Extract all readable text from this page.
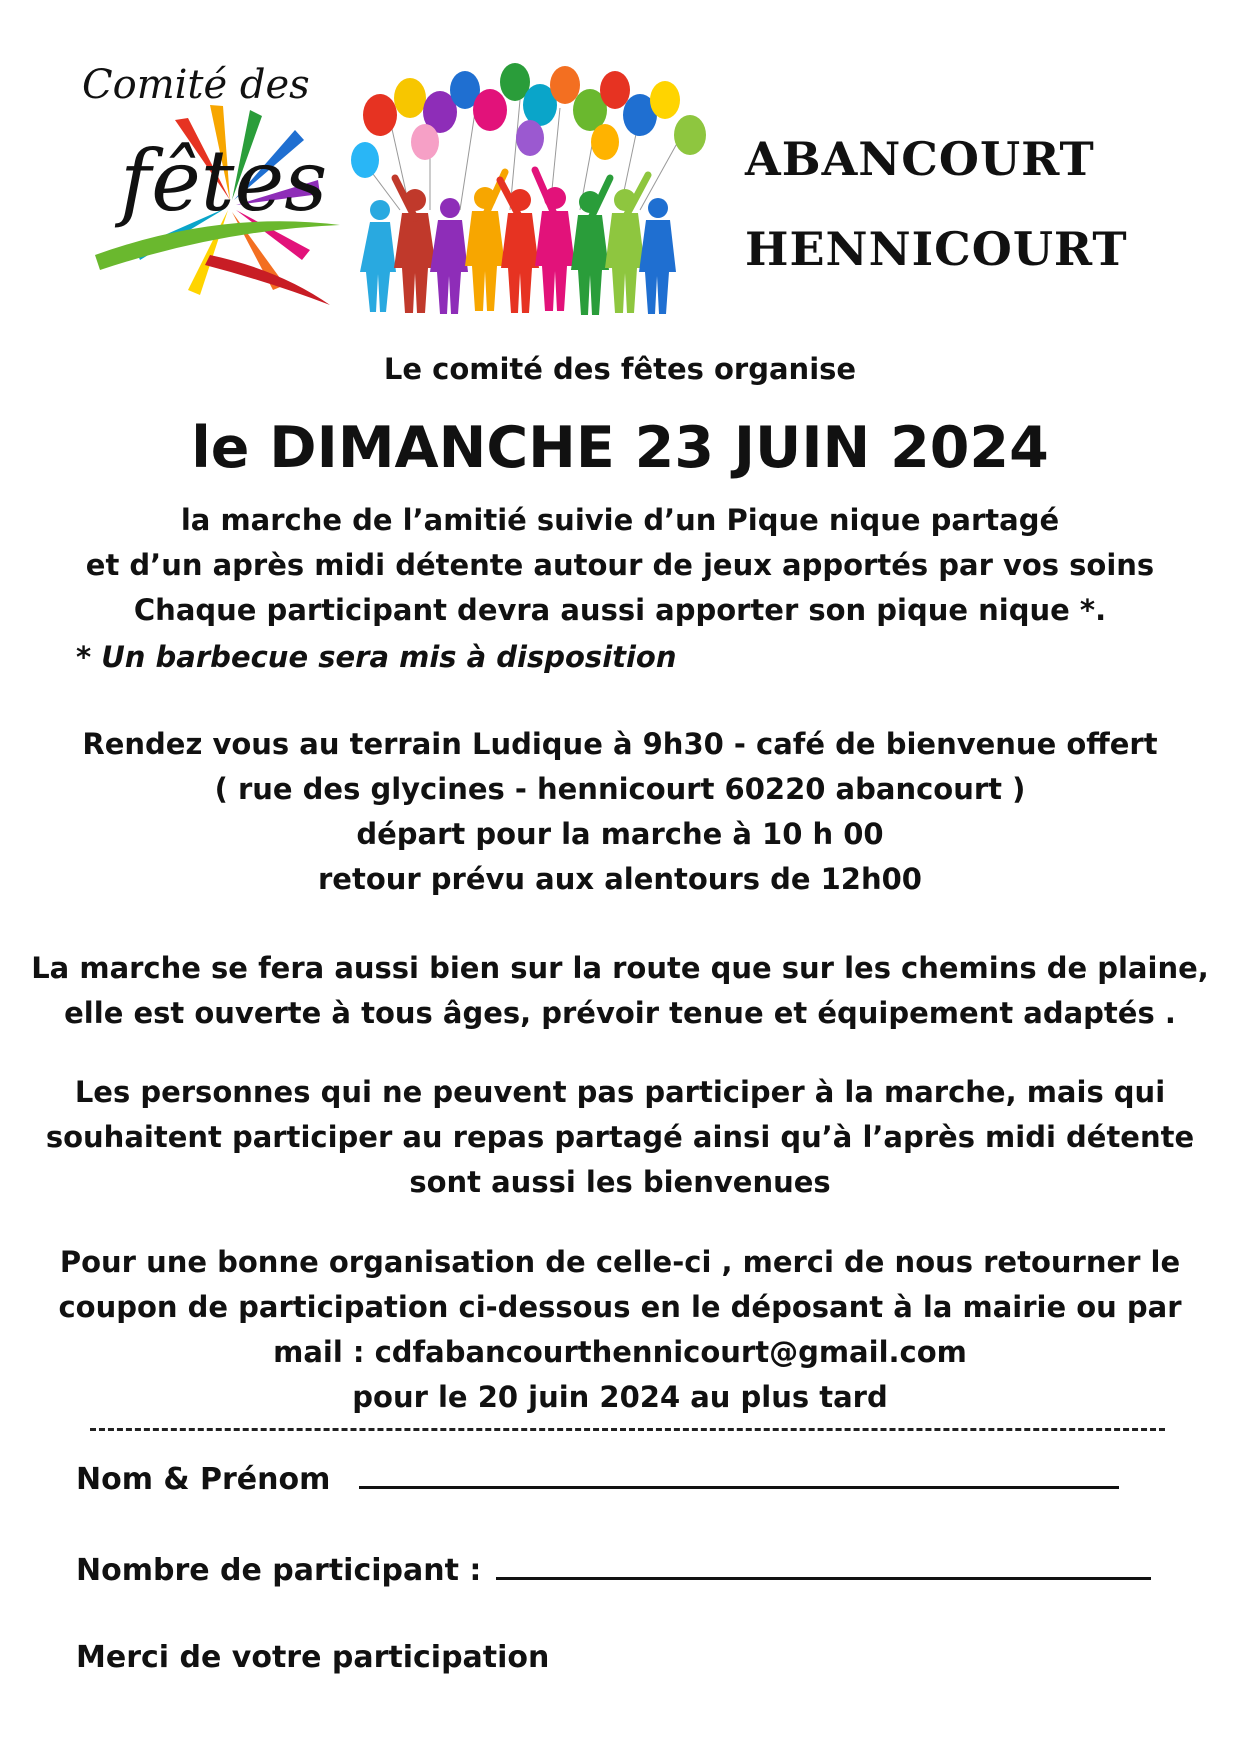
Comité des
fêtes	ABANCOURT
HENNICOURT
Le comité des fêtes organise
le DIMANCHE 23 JUIN 2024
la marche de l’amitié suivie d’un Pique nique partagé
et d’un après midi détente autour de jeux apportés par vos soins
Chaque participant devra aussi apporter son pique nique *.
* Un barbecue sera mis à disposition
Rendez vous au terrain Ludique à 9h30 - café de bienvenue offert
( rue des glycines - hennicourt 60220 abancourt )
départ pour la marche à 10 h 00
retour prévu aux alentours de 12h00
La marche se fera aussi bien sur la route que sur les chemins de plaine,
elle est ouverte à tous âges, prévoir tenue et équipement adaptés .
Les personnes qui ne peuvent pas participer à la marche, mais qui
souhaitent participer au repas partagé ainsi qu’à l’après midi détente
sont aussi les bienvenues
Pour une bonne organisation de celle-ci , merci de nous retourner le
coupon de participation ci-dessous en le déposant à la mairie ou par
mail : cdfabancourthennicourt@gmail.com
pour le 20 juin 2024 au plus tard
Nom & Prénom
Nombre de participant :
Merci de votre participation
